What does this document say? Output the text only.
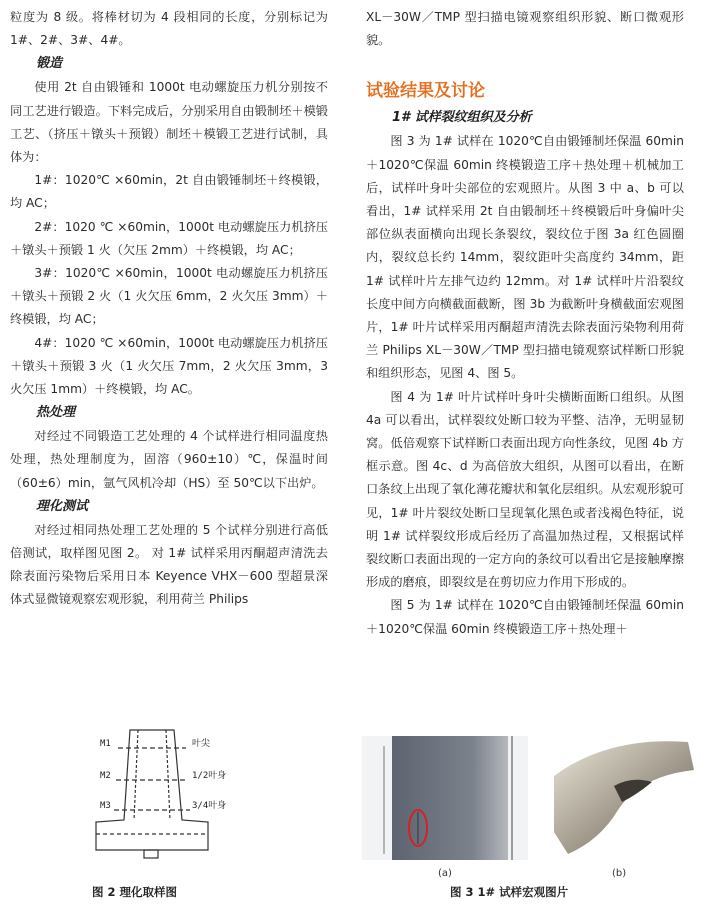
粒度为 8 级。将棒材切为 4 段相同的长度，分别标记为 1#、2#、3#、4#。

锻造

使用 2t 自由锻锤和 1000t 电动螺旋压力机分别按不同工艺进行锻造。下料完成后，分别采用自由锻制坯＋模锻工艺、（挤压＋镦头＋预锻）制坯＋模锻工艺进行试制，具体为：

1#：1020℃ ×60min，2t 自由锻锤制坯＋终模锻，均 AC；

2#：1020 ℃ ×60min，1000t 电动螺旋压力机挤压＋镦头＋预锻 1 火（欠压 2mm）＋终模锻，均 AC；

3#：1020℃ ×60min，1000t 电动螺旋压力机挤压＋镦头＋预锻 2 火（1 火欠压 6mm，2 火欠压 3mm）＋终模锻，均 AC；

4#：1020 ℃ ×60min，1000t 电动螺旋压力机挤压＋镦头＋预锻 3 火（1 火欠压 7mm，2 火欠压 3mm，3 火欠压 1mm）＋终模锻，均 AC。

热处理

对经过不同锻造工艺处理的 4 个试样进行相同温度热处理，热处理制度为，固溶（960±10）℃，保温时间（60±6）min，氩气风机冷却（HS）至 50℃以下出炉。

理化测试

对经过相同热处理工艺处理的 5 个试样分别进行高低倍测试，取样图见图 2。 对 1# 试样采用丙酮超声清洗去除表面污染物后采用日本 Keyence VHX－600 型超景深体式显微镜观察宏观形貌，利用荷兰 Philips

XL－30W／TMP 型扫描电镜观察组织形貌、断口微观形貌。

试验结果及讨论
1# 试样裂纹组织及分析

图 3 为 1# 试样在 1020℃自由锻锤制坯保温 60min＋1020℃保温 60min 终模锻造工序＋热处理＋机械加工后，试样叶身叶尖部位的宏观照片。从图 3 中 a、b 可以看出，1# 试样采用 2t 自由锻制坯＋终模锻后叶身偏叶尖部位纵表面横向出现长条裂纹，裂纹位于图 3a 红色圆圈内，裂纹总长约 14mm，裂纹距叶尖高度约 34mm，距 1# 试样叶片左排气边约 12mm。对 1# 试样叶片沿裂纹长度中间方向横截面截断，图 3b 为截断叶身横截面宏观图片，1# 叶片试样采用丙酮超声清洗去除表面污染物利用荷兰 Philips XL－30W／TMP 型扫描电镜观察试样断口形貌和组织形态，见图 4、图 5。

图 4 为 1# 叶片试样叶身叶尖横断面断口组织。从图 4a 可以看出，试样裂纹处断口较为平整、洁净，无明显韧窝。低倍观察下试样断口表面出现方向性条纹，见图 4b 方框示意。图 4c、d 为高倍放大组织，从图可以看出，在断口条纹上出现了氧化薄花瓣状和氧化层组织。从宏观形貌可见，1# 叶片裂纹处断口呈现氧化黑色或者浅褐色特征，说明 1# 试样裂纹形成后经历了高温加热过程，又根据试样裂纹断口表面出现的一定方向的条纹可以看出它是接触摩擦形成的磨痕，即裂纹是在剪切应力作用下形成的。

图 5 为 1# 试样在 1020℃自由锻锤制坯保温 60min＋1020℃保温 60min 终模锻造工序＋热处理＋

M1
M2
M3
叶尖
1/2叶身
3/4叶身
图 2 理化取样图
(a)	(b)
图 3 1# 试样宏观图片
